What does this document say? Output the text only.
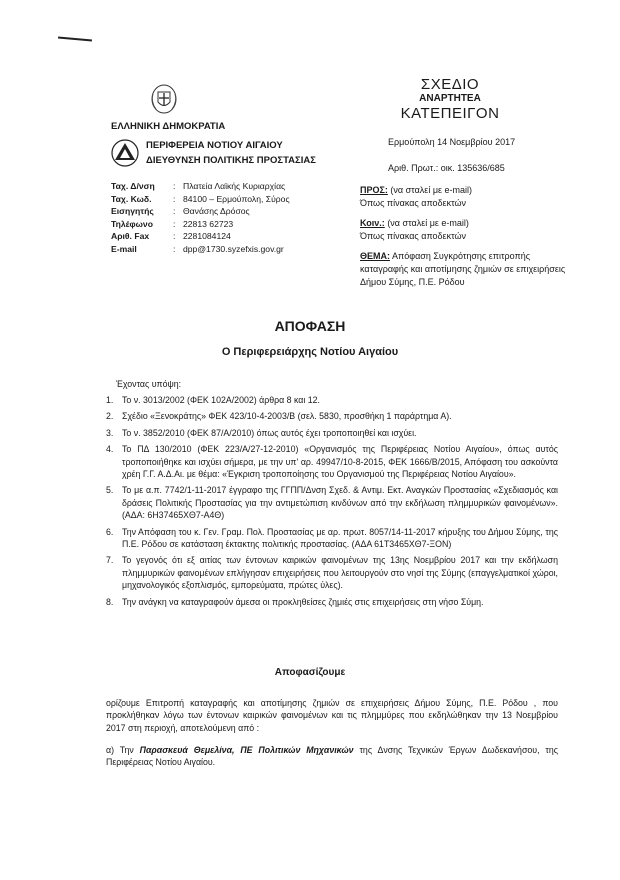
ΕΛΛΗΝΙΚΗ ΔΗΜΟΚΡΑΤΙΑ
ΠΕΡΙΦΕΡΕΙΑ ΝΟΤΙΟΥ ΑΙΓΑΙΟΥ
ΔΙΕΥΘΥΝΣΗ ΠΟΛΙΤΙΚΗΣ ΠΡΟΣΤΑΣΙΑΣ
Ταχ. Δ/νση	: Πλατεία Λαϊκής Κυριαρχίας
Ταχ. Κωδ.	: 84100 – Ερμούπολη, Σύρος
Εισηγητής	: Θανάσης Δρόσος
Τηλέφωνο	: 22813 62723
Αριθ. Fax	: 2281084124
E-mail	: dpp@1730.syzefxis.gov.gr
ΣΧΕΔΙΟ
ΑΝΑΡΤΗΤΕΑ
ΚΑΤΕΠΕΙΓΟΝ
Ερμούπολη 14 Νοεμβρίου 2017
Αριθ. Πρωτ.: οικ. 135636/685
ΠΡΟΣ: (να σταλεί με e-mail)
Όπως πίνακας αποδεκτών
Κοιν.: (να σταλεί με e-mail)
Όπως πίνακας αποδεκτών
ΘΕΜΑ: Απόφαση Συγκρότησης επιτροπής καταγραφής και αποτίμησης ζημιών σε επιχειρήσεις Δήμου Σύμης, Π.Ε. Ρόδου
ΑΠΟΦΑΣΗ
Ο Περιφερειάρχης Νοτίου Αιγαίου
Έχοντας υπόψη:
1. Το ν. 3013/2002 (ΦΕΚ 102Α/2002) άρθρα 8 και 12.
2. Σχέδιο «Ξενοκράτης» ΦΕΚ 423/10-4-2003/Β (σελ. 5830, προσθήκη 1 παράρτημα Α).
3. Το ν. 3852/2010 (ΦΕΚ 87/Α/2010) όπως αυτός έχει τροποποιηθεί και ισχύει.
4. Το ΠΔ 130/2010 (ΦΕΚ 223/Α/27-12-2010) «Οργανισμός της Περιφέρειας Νοτίου Αιγαίου», όπως αυτός τροποποιήθηκε και ισχύει σήμερα, με την υπ' αρ. 49947/10-8-2015, ΦΕΚ 1666/Β/2015, Απόφαση του ασκούντα χρέη Γ.Γ. Α.Δ.Αι. με θέμα: «Έγκριση τροποποίησης του Οργανισμού της Περιφέρειας Νοτίου Αιγαίου».
5. Το με α.π. 7742/1-11-2017 έγγραφο της ΓΓΠΠ/Δνση Σχεδ. & Αντιμ. Εκτ. Αναγκών Προστασίας «Σχεδιασμός και δράσεις Πολιτικής Προστασίας για την αντιμετώπιση κινδύνων από την εκδήλωση πλημμυρικών φαινομένων». (ΑΔΑ: 6Η37465ΧΘ7-Α4Θ)
6. Την Απόφαση του κ. Γεν. Γραμ. Πολ. Προστασίας με αρ. πρωτ. 8057/14-11-2017 κήρυξης του Δήμου Σύμης, της Π.Ε. Ρόδου σε κατάσταση έκτακτης πολιτικής προστασίας. (ΑΔΑ 61Τ3465ΧΘ7-ΞΟΝ)
7. Το γεγονός ότι εξ αιτίας των έντονων καιρικών φαινομένων της 13ης Νοεμβρίου 2017 και την εκδήλωση πλημμυρικών φαινομένων επλήγησαν επιχειρήσεις που λειτουργούν στο νησί της Σύμης (επαγγελματικοί χώροι, μηχανολογικός εξοπλισμός, εμπορεύματα, πρώτες ύλες).
8. Την ανάγκη να καταγραφούν άμεσα οι προκληθείσες ζημιές στις επιχειρήσεις στη νήσο Σύμη.
Αποφασίζουμε
ορίζουμε Επιτροπή καταγραφής και αποτίμησης ζημιών σε επιχειρήσεις Δήμου Σύμης, Π.Ε. Ρόδου , που προκλήθηκαν λόγω των έντονων καιρικών φαινομένων και τις πλημμύρες που εκδηλώθηκαν την 13 Νοεμβρίου 2017 στη περιοχή, αποτελούμενη από :
α) Την Παρασκευά Θεμελίνα, ΠΕ Πολιτικών Μηχανικών της Δνσης Τεχνικών Έργων Δωδεκανήσου, της Περιφέρειας Νοτίου Αιγαίου.
